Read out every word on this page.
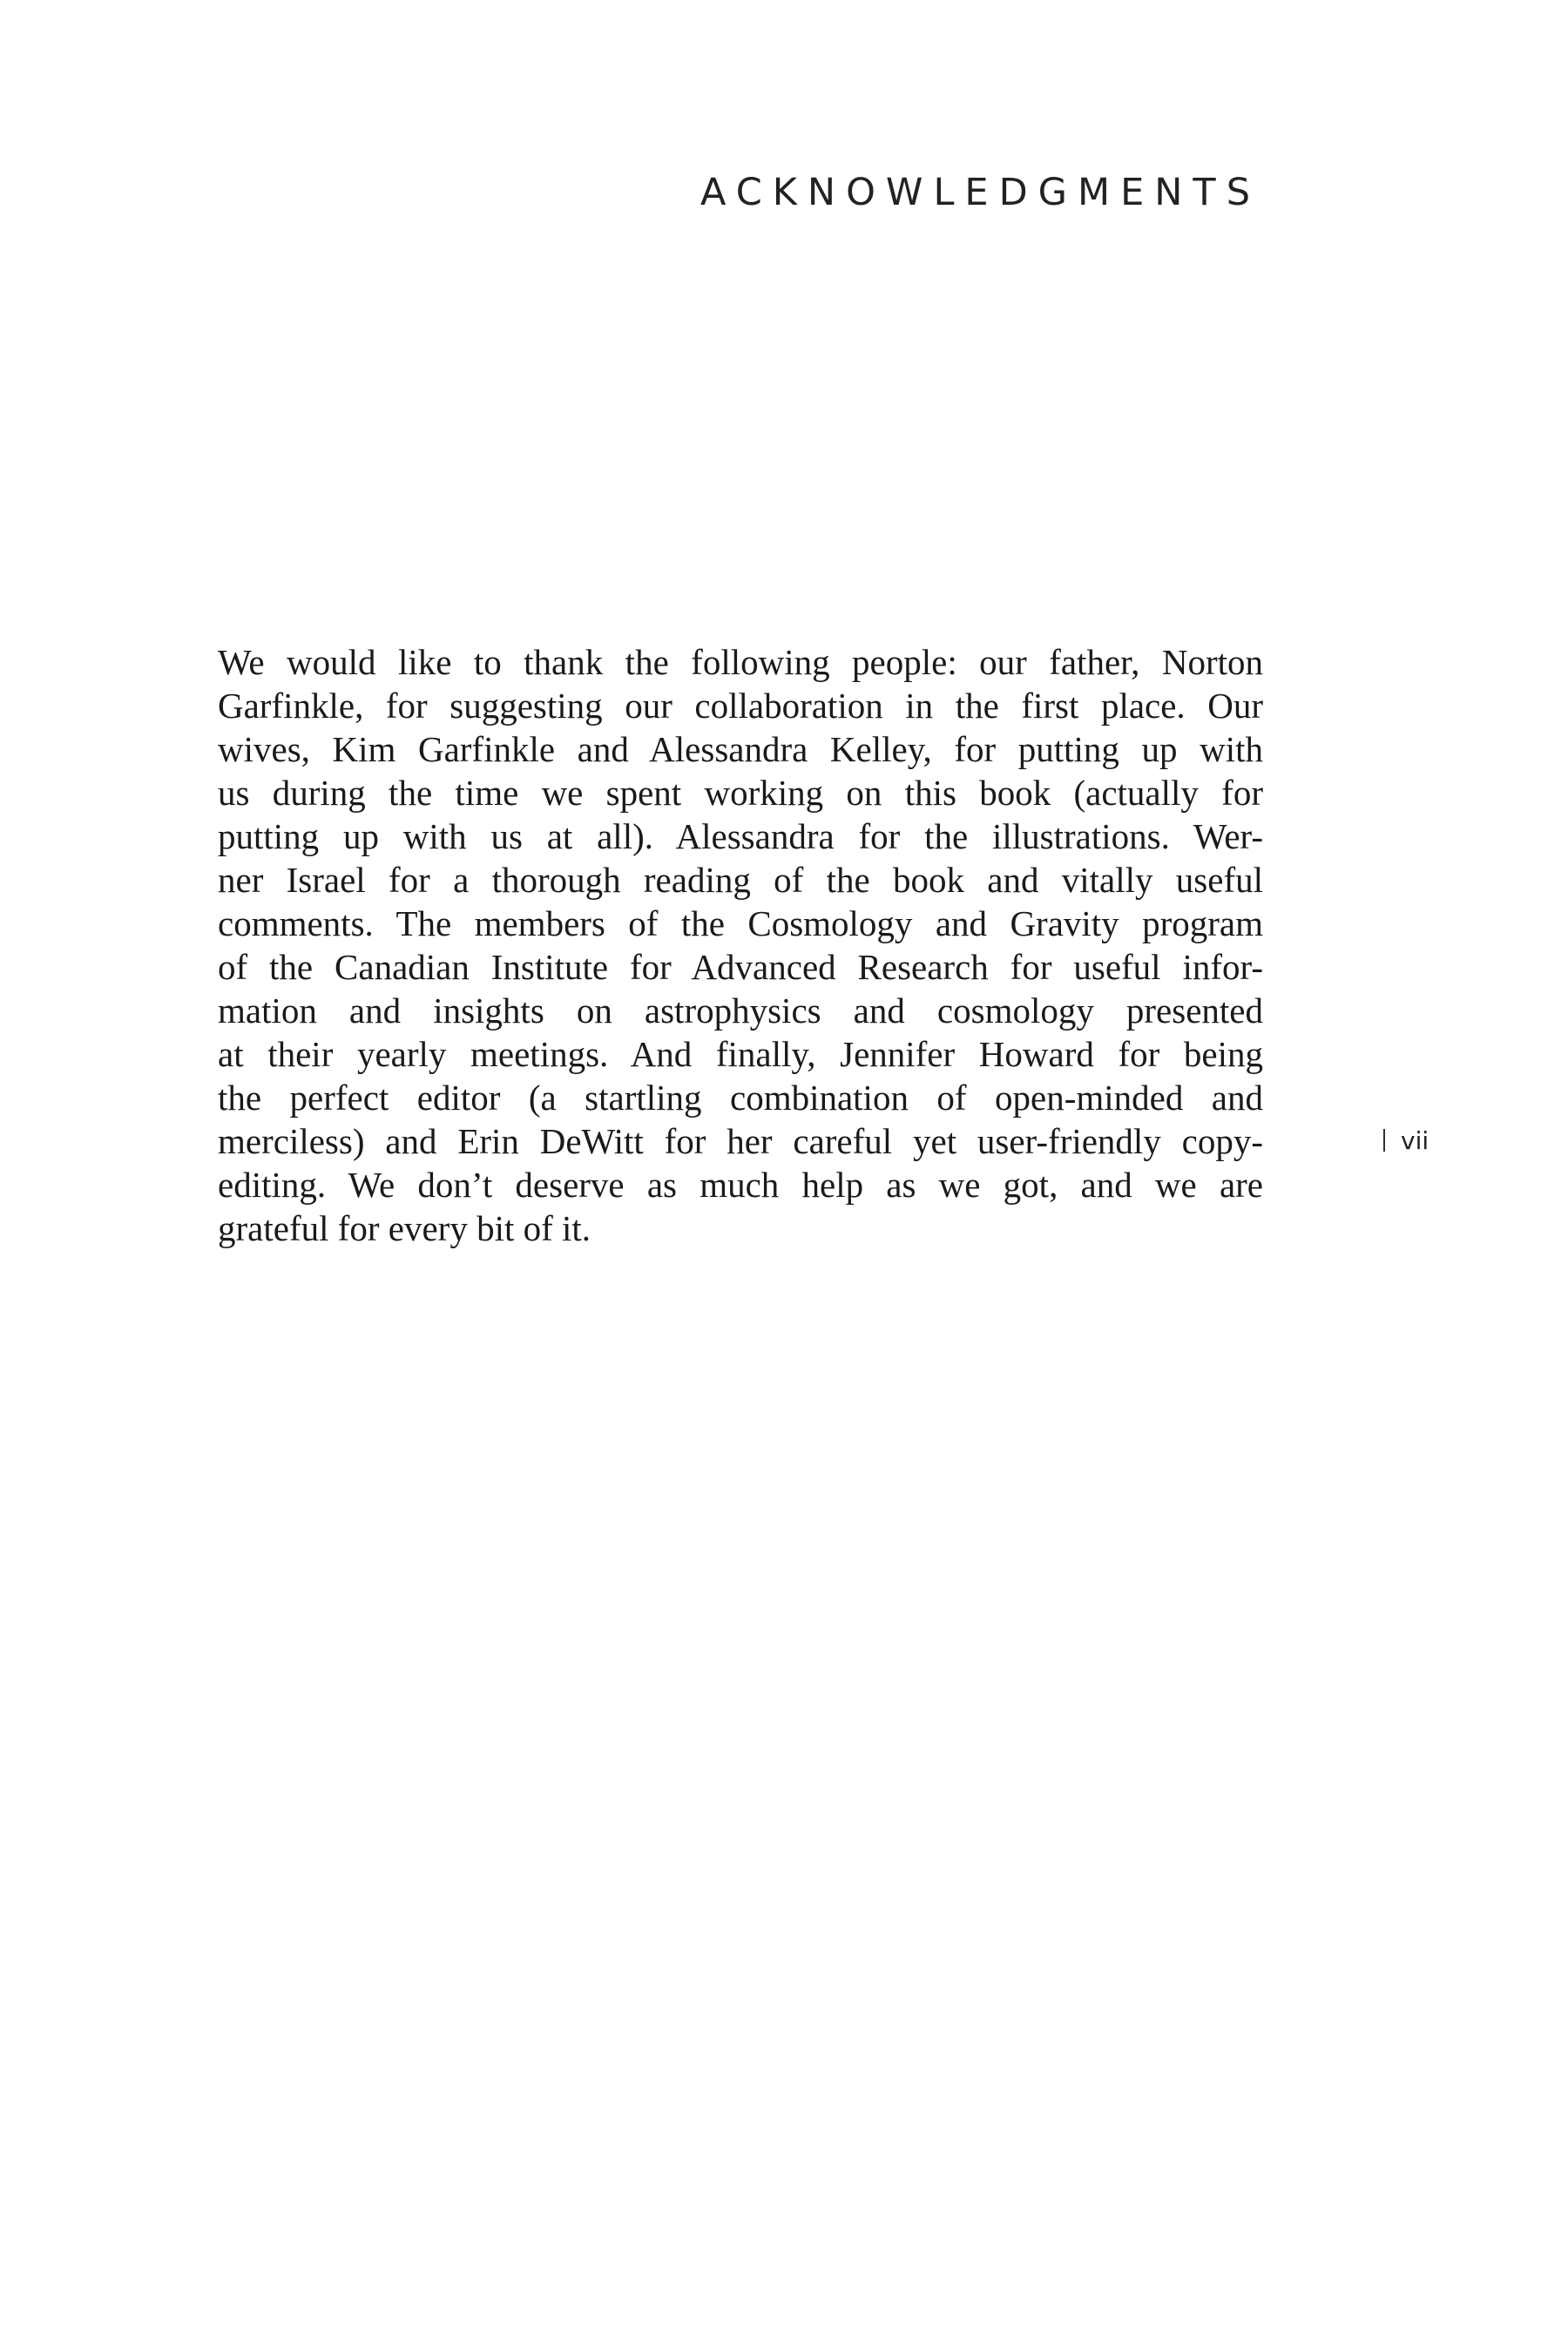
ACKNOWLEDGMENTS
We would like to thank the following people: our father, Norton
Garfinkle, for suggesting our collaboration in the first place. Our
wives, Kim Garfinkle and Alessandra Kelley, for putting up with
us during the time we spent working on this book (actually for
putting up with us at all). Alessandra for the illustrations. Wer-
ner Israel for a thorough reading of the book and vitally useful
comments. The members of the Cosmology and Gravity program
of the Canadian Institute for Advanced Research for useful infor-
mation and insights on astrophysics and cosmology presented
at their yearly meetings. And finally, Jennifer Howard for being
the perfect editor (a startling combination of open-minded and
merciless) and Erin DeWitt for her careful yet user-friendly copy-
editing. We don’t deserve as much help as we got, and we are
grateful for every bit of it.
vii
